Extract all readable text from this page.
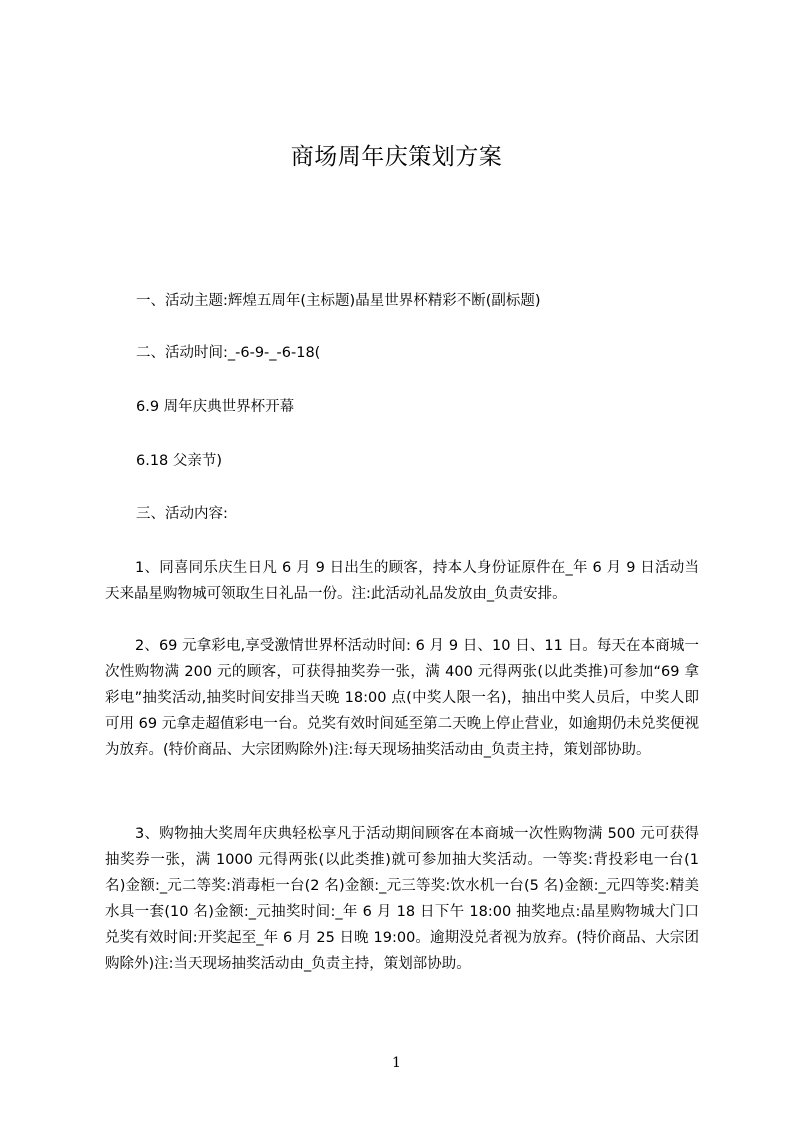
商场周年庆策划方案
一、活动主题:辉煌五周年(主标题)晶星世界杯精彩不断(副标题)
二、活动时间:_-6-9-_-6-18(
6.9 周年庆典世界杯开幕
6.18 父亲节)
三、活动内容:
1、同喜同乐庆生日凡 6 月 9 日出生的顾客，持本人身份证原件在_年 6 月 9 日活动当天来晶星购物城可领取生日礼品一份。注:此活动礼品发放由_负责安排。
2、69 元拿彩电,享受激情世界杯活动时间: 6 月 9 日、10 日、11 日。每天在本商城一次性购物满 200 元的顾客，可获得抽奖券一张，满 400 元得两张(以此类推)可参加“69 拿彩电”抽奖活动,抽奖时间安排当天晚 18:00 点(中奖人限一名)，抽出中奖人员后，中奖人即可用 69 元拿走超值彩电一台。兑奖有效时间延至第二天晚上停止营业，如逾期仍未兑奖便视为放弃。(特价商品、大宗团购除外)注:每天现场抽奖活动由_负责主持，策划部协助。
3、购物抽大奖周年庆典轻松享凡于活动期间顾客在本商城一次性购物满 500 元可获得抽奖券一张，满 1000 元得两张(以此类推)就可参加抽大奖活动。一等奖:背投彩电一台(1 名)金额:_元二等奖:消毒柜一台(2 名)金额:_元三等奖:饮水机一台(5 名)金额:_元四等奖:精美水具一套(10 名)金额:_元抽奖时间:_年 6 月 18 日下午 18:00 抽奖地点:晶星购物城大门口兑奖有效时间:开奖起至_年 6 月 25 日晚 19:00。逾期没兑者视为放弃。(特价商品、大宗团购除外)注:当天现场抽奖活动由_负责主持，策划部协助。
1
